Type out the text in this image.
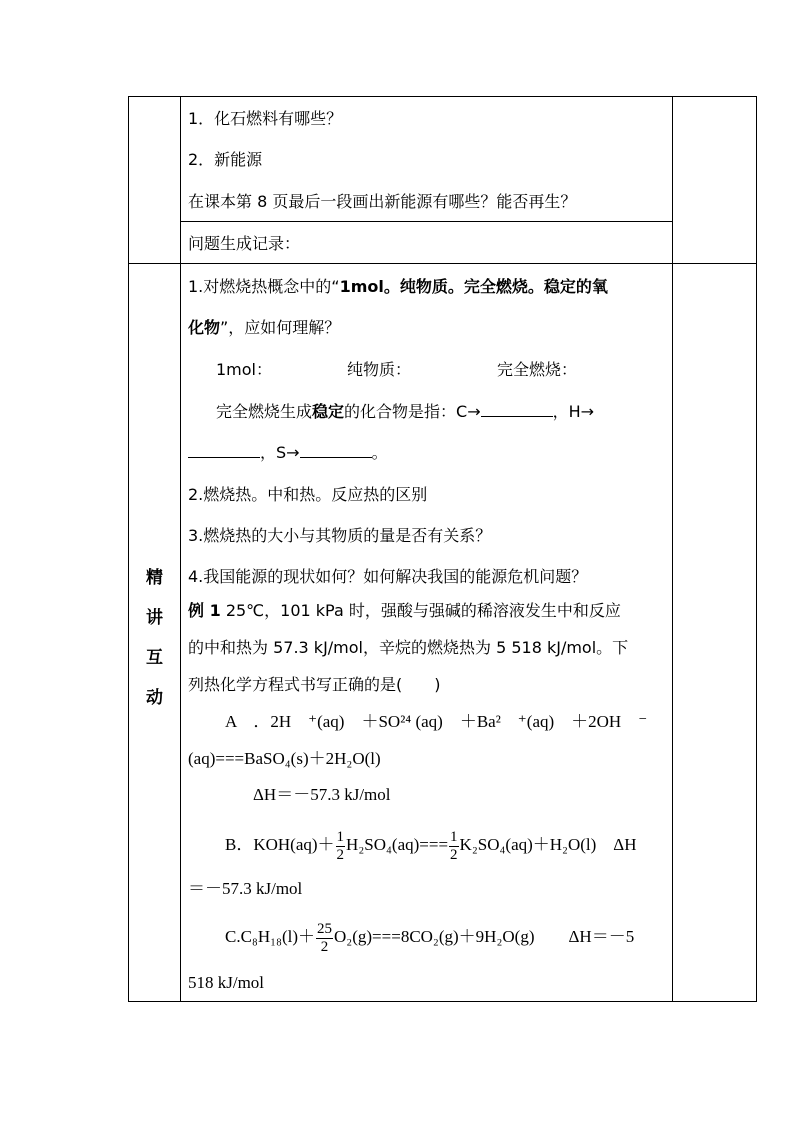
1．化石燃料有哪些？
2．新能源
在课本第 8 页最后一段画出新能源有哪些？能否再生？
问题生成记录：
精
讲
互
动
1.对燃烧热概念中的“1mol。纯物质。完全燃烧。稳定的氧
化物”，应如何理解？
1mol：	纯物质：	完全燃烧：
完全燃烧生成稳定的化合物是指：C→	，H→
，S→	。
2.燃烧热。中和热。反应热的区别
3.燃烧热的大小与其物质的量是否有关系？
4.我国能源的现状如何？如何解决我国的能源危机问题？
例 1 25℃，101 kPa 时，强酸与强碱的稀溶液发生中和反应
的中和热为 57.3 kJ/mol，辛烷的燃烧热为 5 518 kJ/mol。下
列热化学方程式书写正确的是(　　)
A　．2H　⁺(aq)　＋SO²⁴ (aq)　＋Ba²　⁺(aq)　＋2OH　⁻
(aq)===BaSO₄(s)＋2H₂O(l)
ΔH＝－57.3 kJ/mol
B．$KOH(aq)+ \frac{1}{2} H_2SO_4(aq)=== \frac{1}{2} K_2SO_4(aq)+H_2O(l)$　ΔH
＝－57.3 kJ/mol
$C.C_8H_{18}(l)+ \frac{25}{2} O_2(g)===8CO_2(g)+9H_2O(g)$　　ΔH＝－5
518 kJ/mol
